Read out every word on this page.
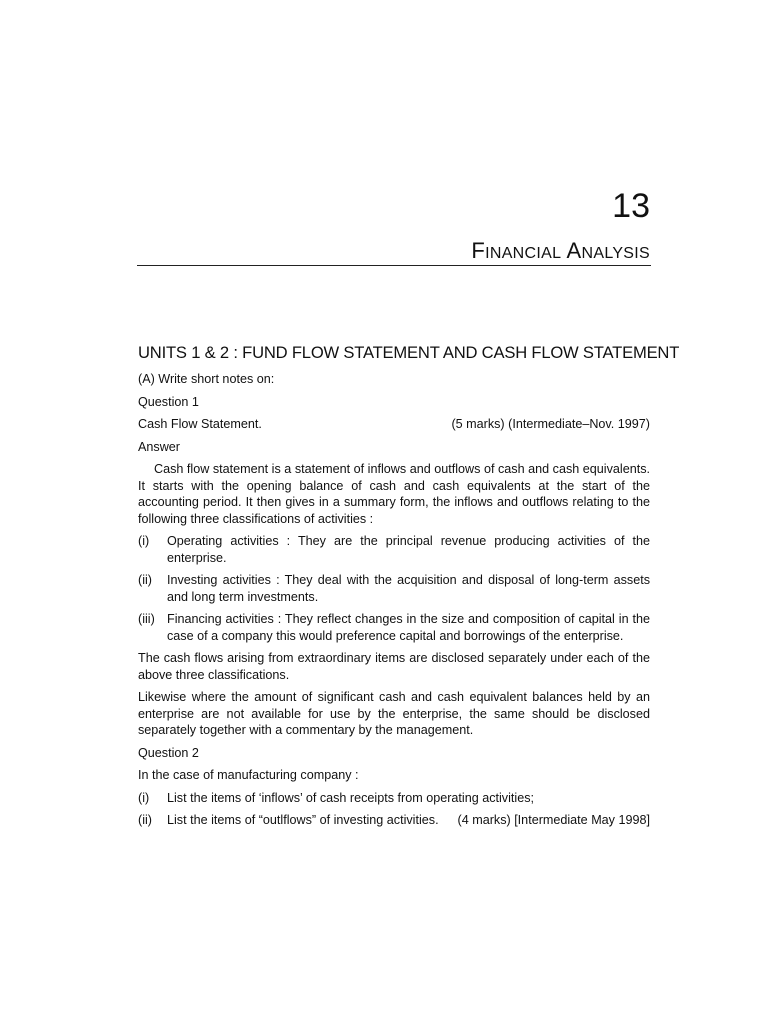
13
FINANCIAL ANALYSIS
UNITS 1 & 2 : FUND FLOW STATEMENT AND CASH FLOW STATEMENT
(A) Write short notes on:
Question 1
Cash Flow Statement.	(5 marks) (Intermediate–Nov. 1997)
Answer

Cash flow statement is a statement of inflows and outflows of cash and cash equivalents. It starts with the opening balance of cash and cash equivalents at the start of the accounting period. It then gives in a summary form, the inflows and outflows relating to the following three classifications of activities :

(i)	Operating activities : They are the principal revenue producing activities of the enterprise.
(ii)	Investing activities : They deal with the acquisition and disposal of long-term assets and long term investments.
(iii) Financing activities : They reflect changes in the size and composition of capital in the case of a company this would preference capital and borrowings of the enterprise.

The cash flows arising from extraordinary items are disclosed separately under each of the above three classifications.

Likewise where the amount of significant cash and cash equivalent balances held by an enterprise are not available for use by the enterprise, the same should be disclosed separately together with a commentary by the management.

Question 2
In the case of manufacturing company :
(i)	List the items of ‘inflows’ of cash receipts from operating activities;
(ii)	List the items of “outlflows” of investing activities. (4 marks) [Intermediate May 1998]
